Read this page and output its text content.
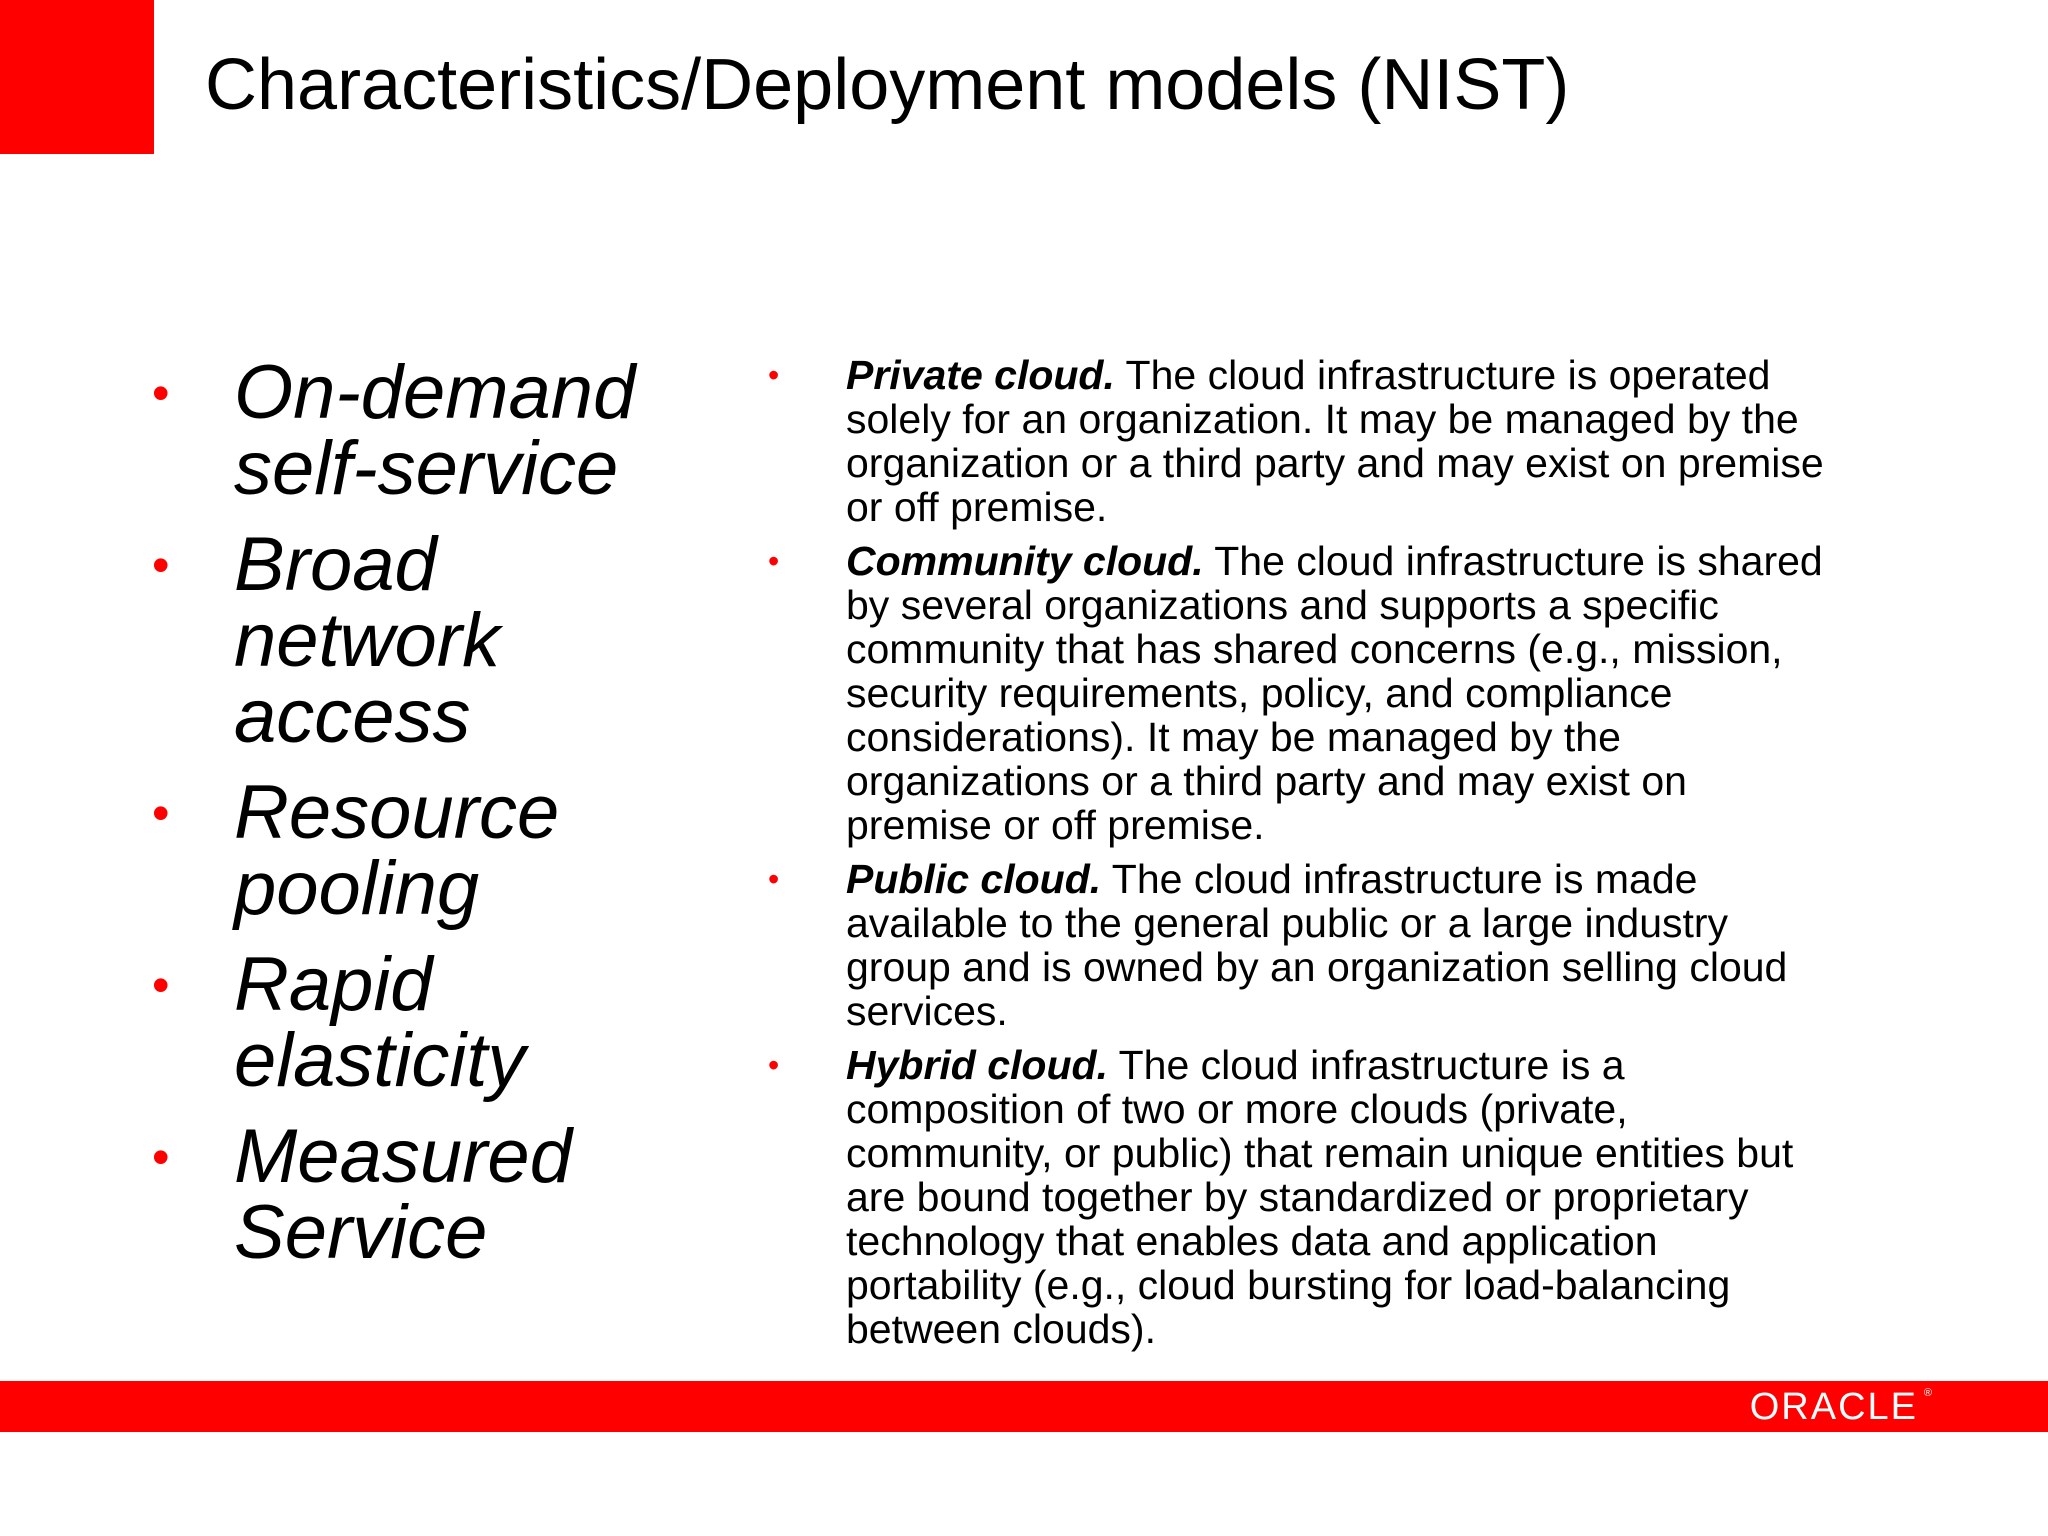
Characteristics/Deployment models (NIST)
• On-demand
self-service
• Broad
network
access
• Resource
pooling
• Rapid
elasticity
• Measured
Service
• Private cloud. The cloud infrastructure is operated solely for an organization. It may be managed by the organization or a third party and may exist on premise or off premise.
• Community cloud. The cloud infrastructure is shared by several organizations and supports a specific community that has shared concerns (e.g., mission, security requirements, policy, and compliance considerations). It may be managed by the organizations or a third party and may exist on premise or off premise.
• Public cloud. The cloud infrastructure is made available to the general public or a large industry group and is owned by an organization selling cloud services.
• Hybrid cloud. The cloud infrastructure is a composition of two or more clouds (private, community, or public) that remain unique entities but are bound together by standardized or proprietary technology that enables data and application portability (e.g., cloud bursting for load-balancing between clouds).
ORACLE ®
